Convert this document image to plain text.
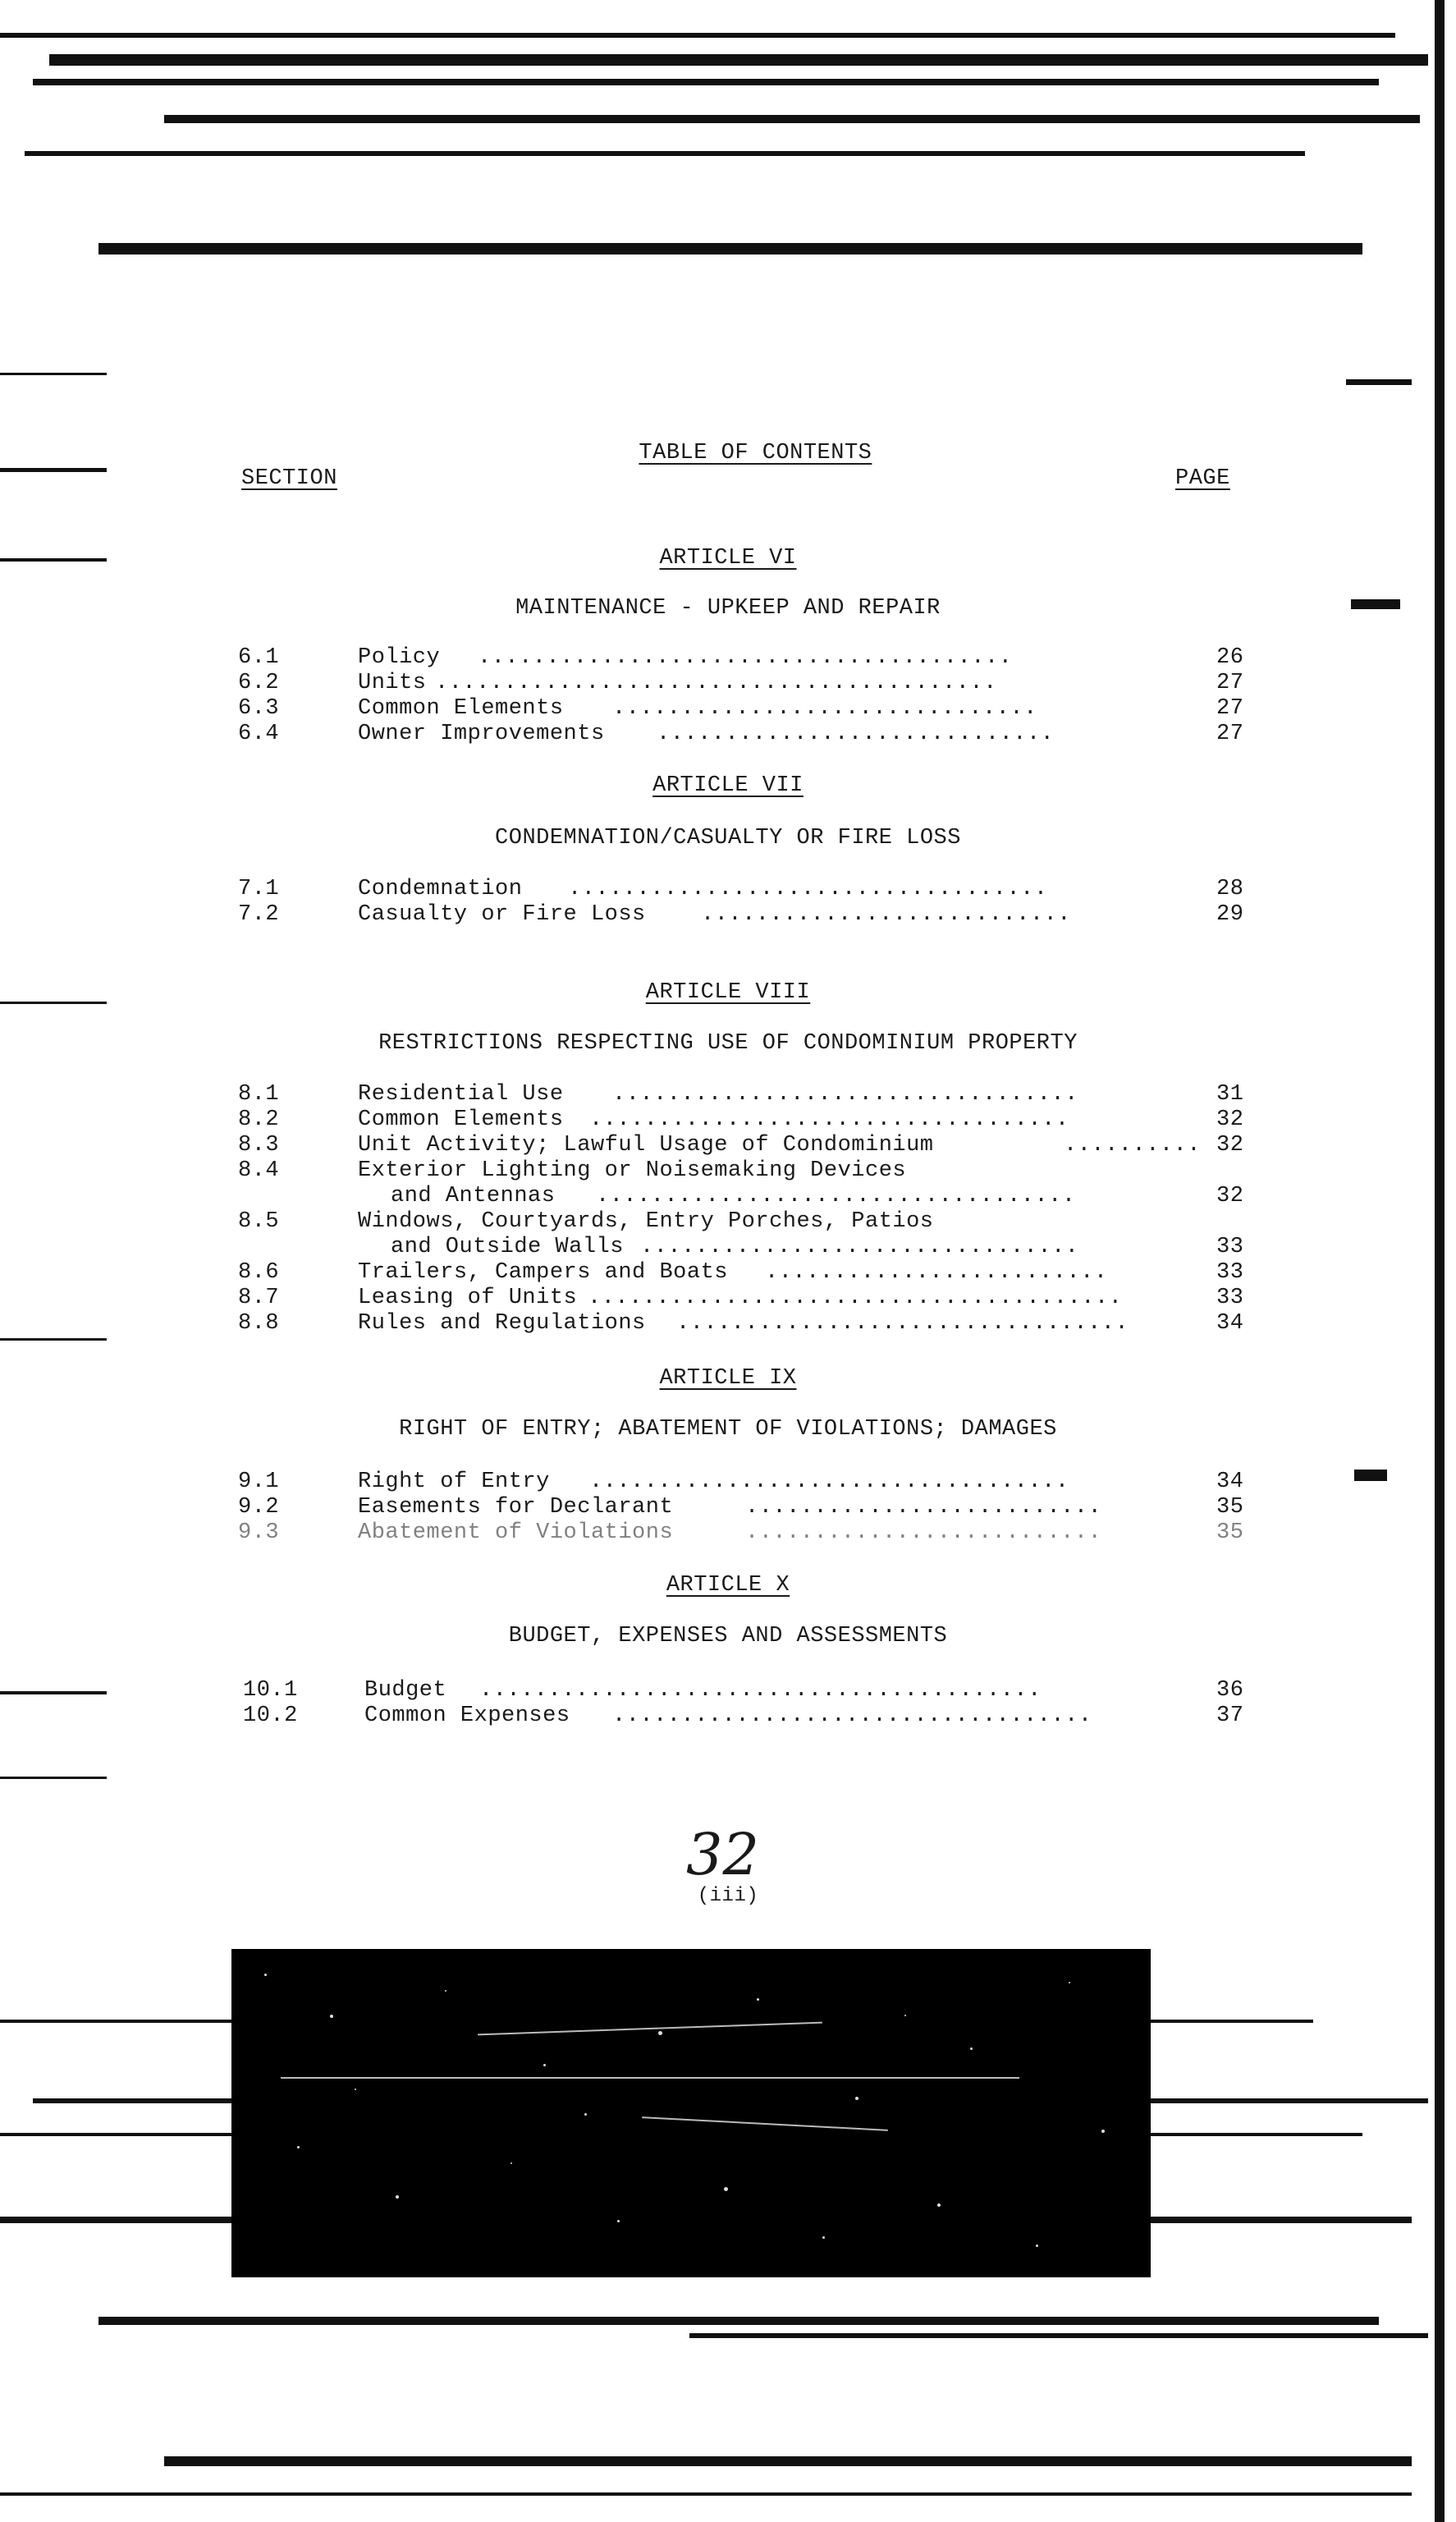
TABLE OF CONTENTS

SECTION	PAGE
ARTICLE VI
MAINTENANCE - UPKEEP AND REPAIR
6.1	Policy .......................................	26
6.2	Units .........................................	27
6.3	Common Elements ...............................	27
6.4	Owner Improvements .............................	27
ARTICLE VII
CONDEMNATION/CASUALTY OR FIRE LOSS
7.1	Condemnation ...................................	28
7.2	Casualty or Fire Loss ...........................	29
ARTICLE VIII
RESTRICTIONS RESPECTING USE OF CONDOMINIUM PROPERTY
8.1	Residential Use ..................................	31
8.2	Common Elements ...................................	32
8.3	Unit Activity; Lawful Usage of Condominium	.......... 32
8.4	Exterior Lighting or Noisemaking Devices
and Antennas ...................................	32
8.5	Windows, Courtyards, Entry Porches, Patios
and Outside Walls ................................	33
8.6	Trailers, Campers and Boats .........................	33
8.7	Leasing of Units .......................................	33
8.8	Rules and Regulations .................................	34
ARTICLE IX
RIGHT OF ENTRY; ABATEMENT OF VIOLATIONS; DAMAGES
9.1	Right of Entry ...................................	34
9.2	Easements for Declarant	..........................	35
9.3	Abatement of Violations	..........................	35
ARTICLE X
BUDGET, EXPENSES AND ASSESSMENTS
10.1	Budget .........................................	36
10.2	Common Expenses ...................................	37
32
(iii)
